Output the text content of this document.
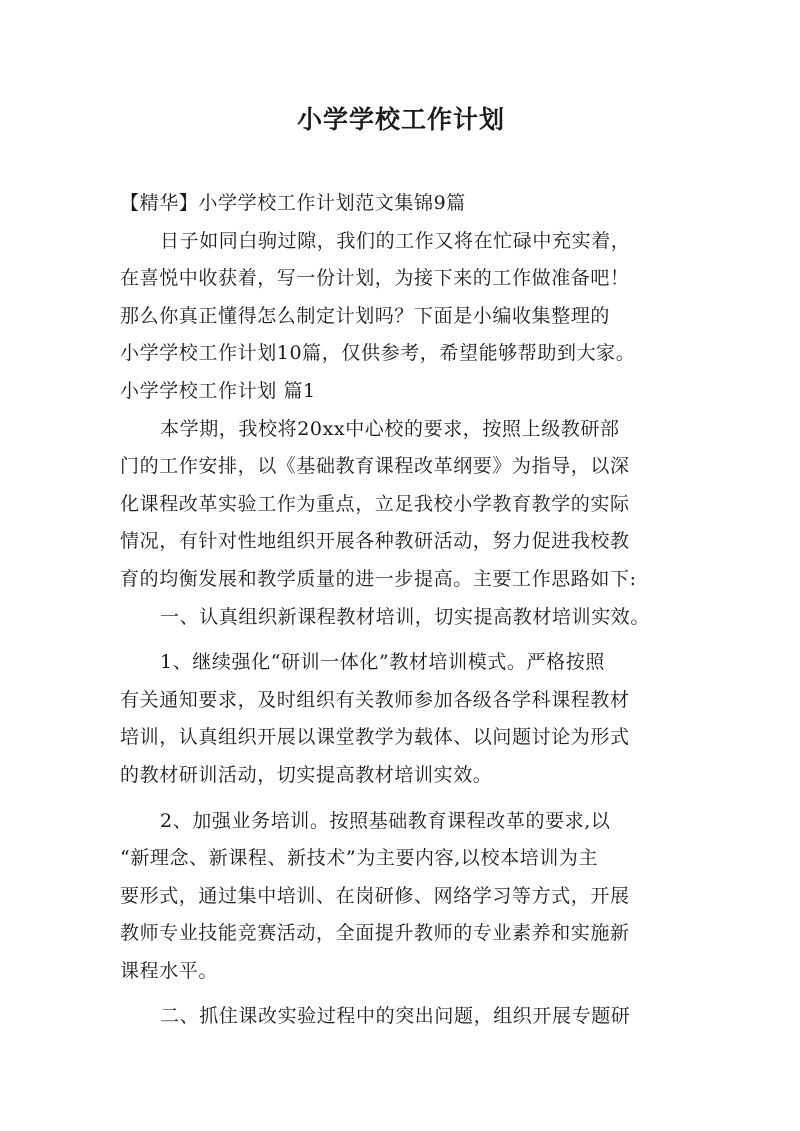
小学学校工作计划
【精华】小学学校工作计划范文集锦9篇
日子如同白驹过隙，我们的工作又将在忙碌中充实着，
在喜悦中收获着，写一份计划，为接下来的工作做准备吧！
那么你真正懂得怎么制定计划吗？下面是小编收集整理的
小学学校工作计划10篇，仅供参考，希望能够帮助到大家。
小学学校工作计划 篇1
本学期，我校将20xx中心校的要求，按照上级教研部
门的工作安排，以《基础教育课程改革纲要》为指导，以深
化课程改革实验工作为重点，立足我校小学教育教学的实际
情况，有针对性地组织开展各种教研活动，努力促进我校教
育的均衡发展和教学质量的进一步提高。主要工作思路如下:
一、认真组织新课程教材培训，切实提高教材培训实效。
1、继续强化“研训一体化”教材培训模式。严格按照
有关通知要求，及时组织有关教师参加各级各学科课程教材
培训，认真组织开展以课堂教学为载体、以问题讨论为形式
的教材研训活动，切实提高教材培训实效。
2、加强业务培训。按照基础教育课程改革的要求,以
“新理念、新课程、新技术”为主要内容,以校本培训为主
要形式，通过集中培训、在岗研修、网络学习等方式，开展
教师专业技能竞赛活动，全面提升教师的专业素养和实施新
课程水平。
二、抓住课改实验过程中的突出问题，组织开展专题研
